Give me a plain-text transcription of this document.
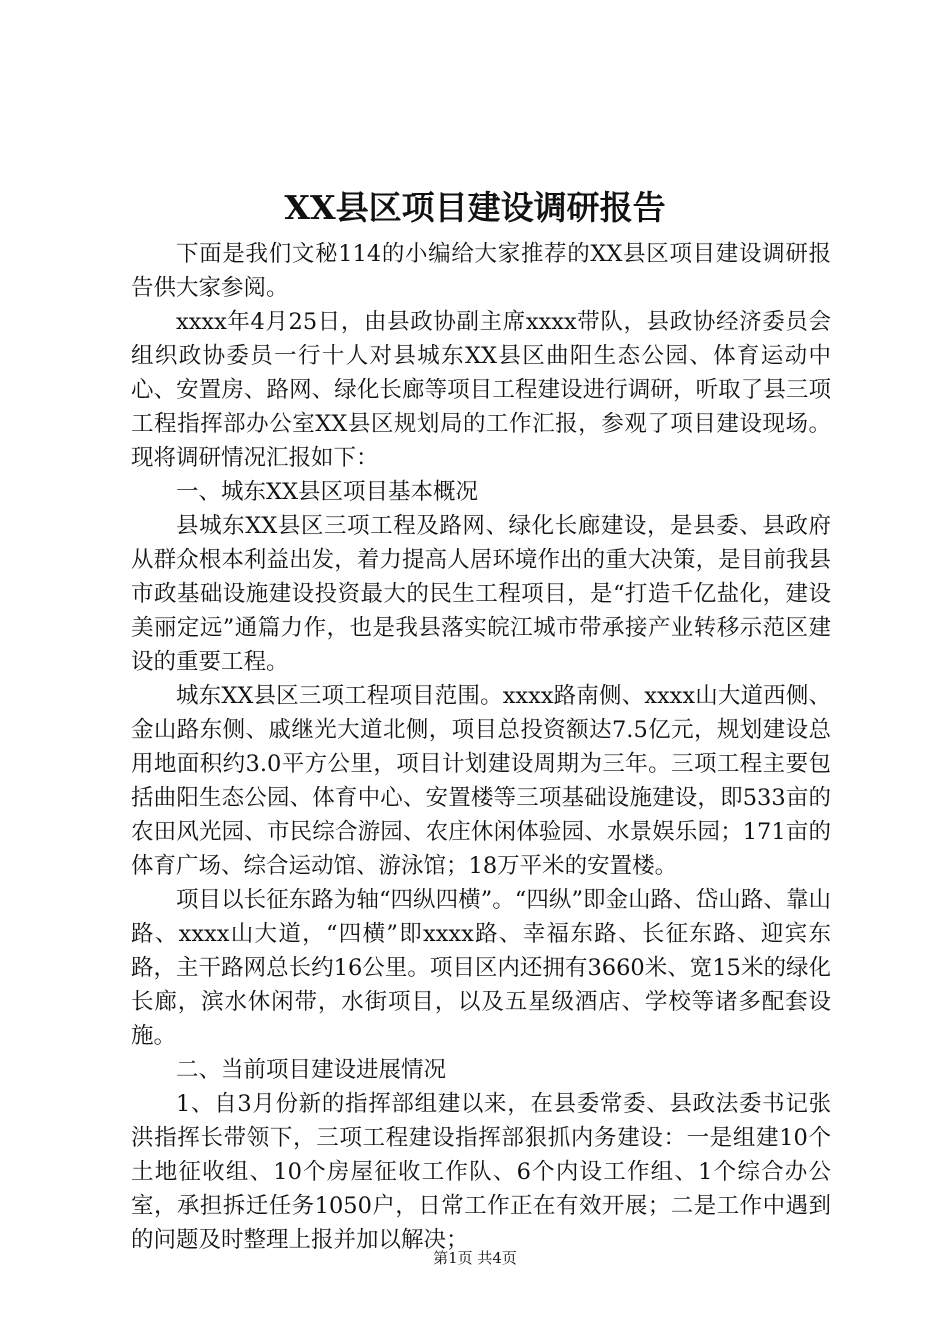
XX县区项目建设调研报告

下面是我们文秘114的小编给大家推荐的XX县区项目建设调研报告供大家参阅。

xxxx年4月25日，由县政协副主席xxxx带队，县政协经济委员会组织政协委员一行十人对县城东XX县区曲阳生态公园、体育运动中心、安置房、路网、绿化长廊等项目工程建设进行调研，听取了县三项工程指挥部办公室XX县区规划局的工作汇报，参观了项目建设现场。现将调研情况汇报如下：

一、城东XX县区项目基本概况

县城东XX县区三项工程及路网、绿化长廊建设，是县委、县政府从群众根本利益出发，着力提高人居环境作出的重大决策，是目前我县市政基础设施建设投资最大的民生工程项目，是“打造千亿盐化，建设美丽定远”通篇力作，也是我县落实皖江城市带承接产业转移示范区建设的重要工程。

城东XX县区三项工程项目范围。xxxx路南侧、xxxx山大道西侧、金山路东侧、戚继光大道北侧，项目总投资额达7.5亿元，规划建设总用地面积约3.0平方公里，项目计划建设周期为三年。三项工程主要包括曲阳生态公园、体育中心、安置楼等三项基础设施建设，即533亩的农田风光园、市民综合游园、农庄休闲体验园、水景娱乐园；171亩的体育广场、综合运动馆、游泳馆；18万平米的安置楼。

项目以长征东路为轴“四纵四横”。“四纵”即金山路、岱山路、靠山路、xxxx山大道，“四横”即xxxx路、幸福东路、长征东路、迎宾东路，主干路网总长约16公里。项目区内还拥有3660米、宽15米的绿化长廊，滨水休闲带，水街项目，以及五星级酒店、学校等诸多配套设施。

二、当前项目建设进展情况

1、自3月份新的指挥部组建以来，在县委常委、县政法委书记张洪指挥长带领下，三项工程建设指挥部狠抓内务建设：一是组建10个土地征收组、10个房屋征收工作队、6个内设工作组、1个综合办公室，承担拆迁任务1050户，日常工作正在有效开展；二是工作中遇到的问题及时整理上报并加以解决；

第1页 共4页
